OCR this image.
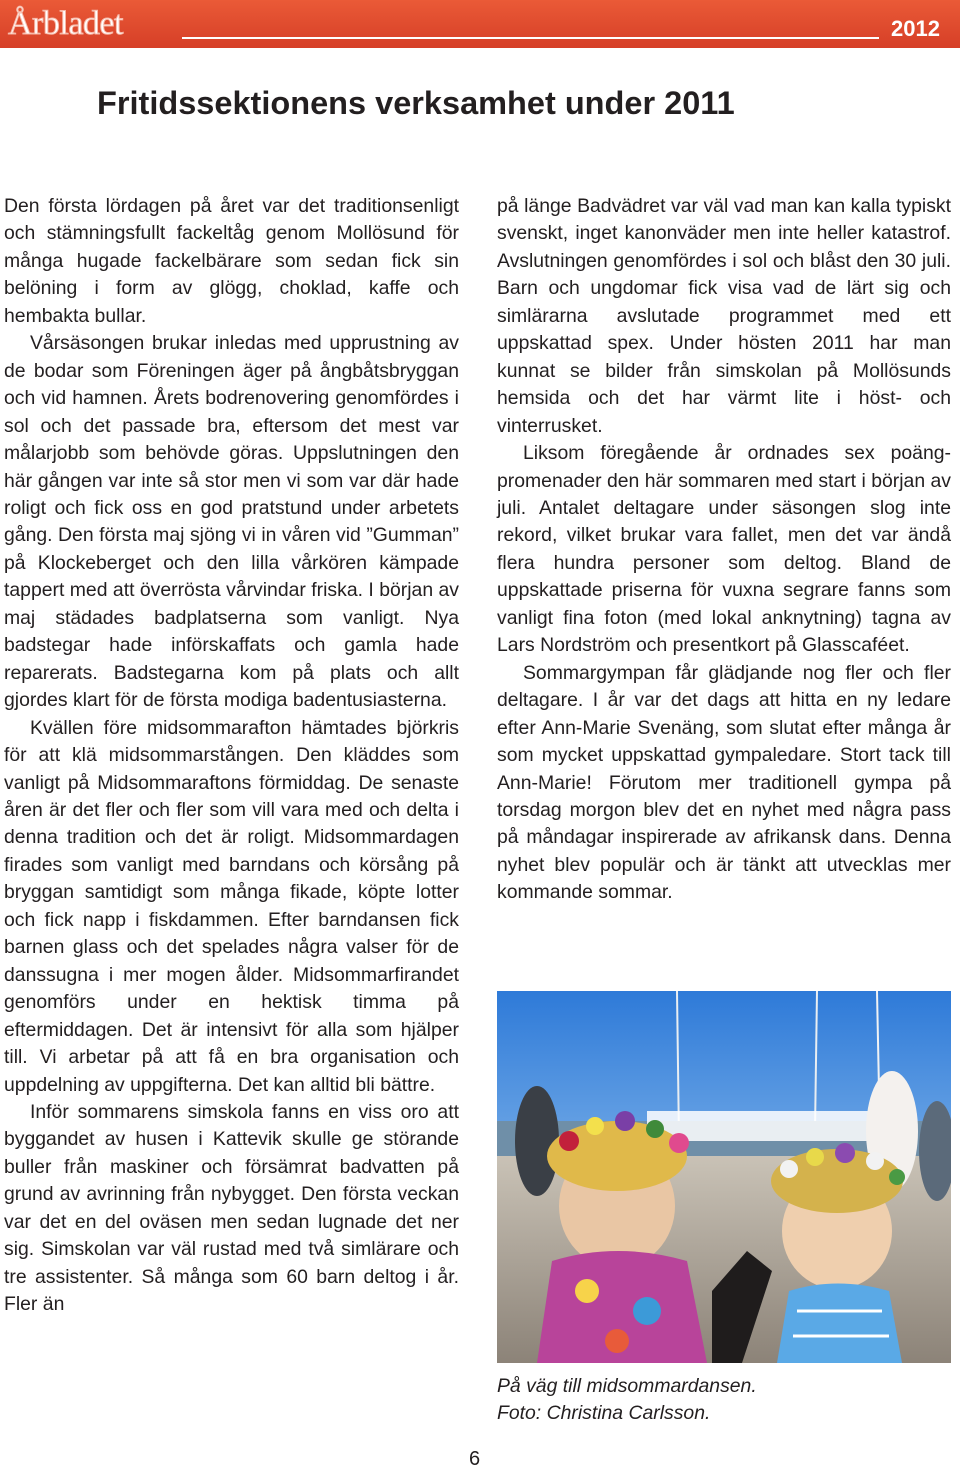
Årbladet	2012
Fritidssektionens verksamhet under 2011

Den första lördagen på året var det traditionsenligt och stämningsfullt fackeltåg genom Mollösund för många hugade fackelbärare som sedan fick sin belöning i form av glögg, choklad, kaffe och hembakta bullar.

Vårsäsongen brukar inledas med upprustning av de bodar som Föreningen äger på ångbåtsbryggan och vid hamnen. Årets bodrenovering genomfördes i sol och det passade bra, eftersom det mest var målarjobb som behövde göras. Uppslutningen den här gången var inte så stor men vi som var där hade roligt och fick oss en god pratstund under arbetets gång. Den första maj sjöng vi in våren vid ”Gumman” på Klockeberget och den lilla vårkören kämpade tappert med att överrösta vårvindar friska. I början av maj städades badplatserna som vanligt. Nya badstegar hade införskaffats och gamla hade reparerats. Badstegarna kom på plats och allt gjordes klart för de första modiga badentusiasterna.

Kvällen före midsommarafton hämtades björkris för att klä midsommarstången. Den kläddes som vanligt på Midsommaraftons förmiddag. De senaste åren är det fler och fler som vill vara med och delta i denna tradition och det är roligt. Midsommardagen firades som vanligt med barndans och körsång på bryggan samtidigt som många fikade, köpte lotter och fick napp i fiskdammen. Efter barndansen fick barnen glass och det spelades några valser för de danssugna i mer mogen ålder. Midsommarfirandet genomförs under en hektisk timma på eftermiddagen. Det är intensivt för alla som hjälper till. Vi arbetar på att få en bra organisation och uppdelning av uppgifterna. Det kan alltid bli bättre.

Inför sommarens simskola fanns en viss oro att byggandet av husen i Kattevik skulle ge störande buller från maskiner och försämrat badvatten på grund av avrinning från nybygget. Den första veckan var det en del oväsen men sedan lugnade det ner sig. Simskolan var väl rustad med två simlärare och tre assistenter. Så många som 60 barn deltog i år. Fler än

på länge Badvädret var väl vad man kan kalla typiskt svenskt, inget kanonväder men inte heller katastrof. Avslutningen genomfördes i sol och blåst den 30 juli. Barn och ungdomar fick visa vad de lärt sig och simlärarna avslutade programmet med ett uppskattad spex. Under hösten 2011 har man kunnat se bilder från simskolan på Mollösunds hemsida och det har värmt lite i höst- och vinterrusket.

Liksom föregående år ordnades sex poängpromenader den här sommaren med start i början av juli. Antalet deltagare under säsongen slog inte rekord, vilket brukar vara fallet, men det var ändå flera hundra personer som deltog. Bland de uppskattade priserna för vuxna segrare fanns som vanligt fina foton (med lokal anknytning) tagna av Lars Nordström och presentkort på Glasscaféet.

Sommargympan får glädjande nog fler och fler deltagare. I år var det dags att hitta en ny ledare efter Ann-Marie Svenäng, som slutat efter många år som mycket uppskattad gympaledare. Stort tack till Ann-Marie! Förutom mer traditionell gympa på torsdag morgon blev det en nyhet med några pass på måndagar inspirerade av afrikansk dans. Denna nyhet blev populär och är tänkt att utvecklas mer kommande sommar.

På väg till midsommardansen.
Foto: Christina Carlsson.
6
